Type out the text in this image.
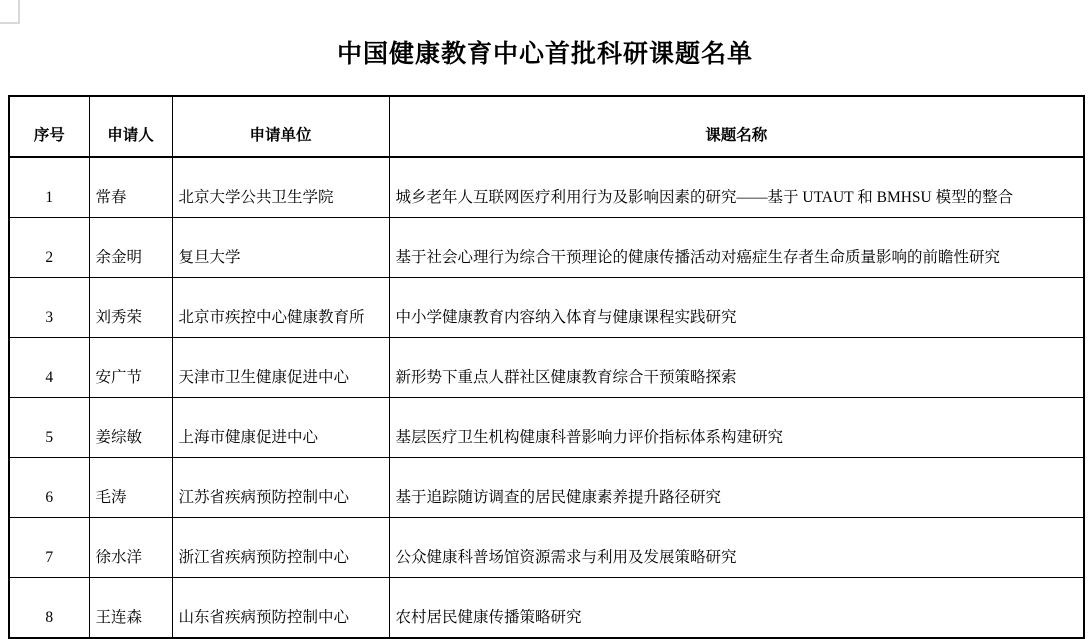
中国健康教育中心首批科研课题名单
序号	申请人	申请单位	课题名称
1	常春	北京大学公共卫生学院	城乡老年人互联网医疗利用行为及影响因素的研究——基于 UTAUT 和 BMHSU 模型的整合
2	余金明	复旦大学	基于社会心理行为综合干预理论的健康传播活动对癌症生存者生命质量影响的前瞻性研究
3	刘秀荣	北京市疾控中心健康教育所	中小学健康教育内容纳入体育与健康课程实践研究
4	安广节	天津市卫生健康促进中心	新形势下重点人群社区健康教育综合干预策略探索
5	姜综敏	上海市健康促进中心	基层医疗卫生机构健康科普影响力评价指标体系构建研究
6	毛涛	江苏省疾病预防控制中心	基于追踪随访调查的居民健康素养提升路径研究
7	徐水洋	浙江省疾病预防控制中心	公众健康科普场馆资源需求与利用及发展策略研究
8	王连森	山东省疾病预防控制中心	农村居民健康传播策略研究
